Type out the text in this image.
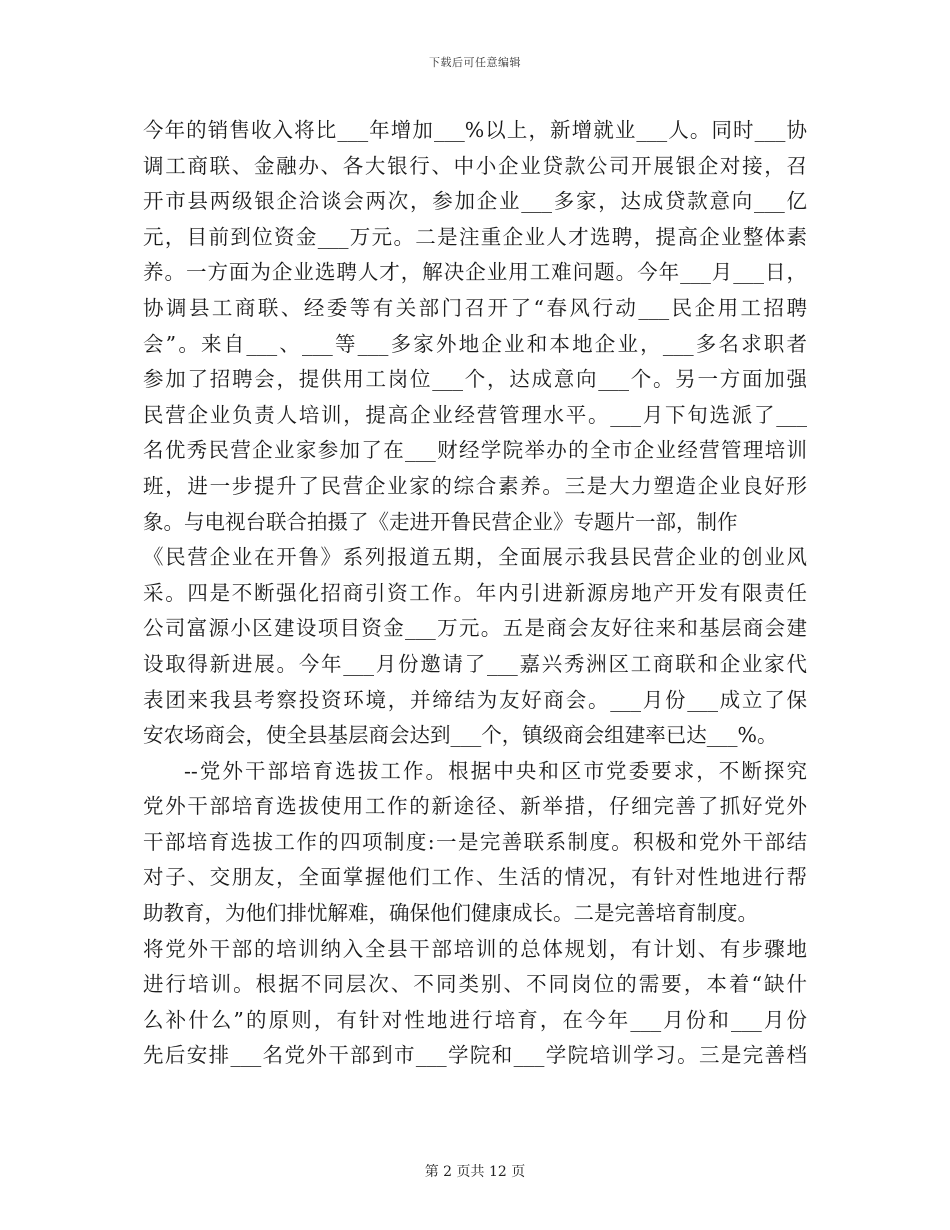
下载后可任意编辑
今年的销售收入将比___年增加___%以上，新增就业___人。同时___协
调工商联、金融办、各大银行、中小企业贷款公司开展银企对接，召
开市县两级银企洽谈会两次，参加企业___多家，达成贷款意向___亿
元，目前到位资金___万元。二是注重企业人才选聘，提高企业整体素
养。一方面为企业选聘人才，解决企业用工难问题。今年___月___日，
协调县工商联、经委等有关部门召开了“春风行动___民企用工招聘
会”。来自___、___等___多家外地企业和本地企业，___多名求职者
参加了招聘会，提供用工岗位___个，达成意向___个。另一方面加强
民营企业负责人培训，提高企业经营管理水平。___月下旬选派了___
名优秀民营企业家参加了在___财经学院举办的全市企业经营管理培训
班，进一步提升了民营企业家的综合素养。三是大力塑造企业良好形
象。与电视台联合拍摄了《走进开鲁民营企业》专题片一部，制作
《民营企业在开鲁》系列报道五期，全面展示我县民营企业的创业风
采。四是不断强化招商引资工作。年内引进新源房地产开发有限责任
公司富源小区建设项目资金___万元。五是商会友好往来和基层商会建
设取得新进展。今年___月份邀请了___嘉兴秀洲区工商联和企业家代
表团来我县考察投资环境，并缔结为友好商会。___月份___成立了保
安农场商会，使全县基层商会达到___个，镇级商会组建率已达___%。
--党外干部培育选拔工作。根据中央和区市党委要求，不断探究
党外干部培育选拔使用工作的新途径、新举措，仔细完善了抓好党外
干部培育选拔工作的四项制度:一是完善联系制度。积极和党外干部结
对子、交朋友，全面掌握他们工作、生活的情况，有针对性地进行帮
助教育，为他们排忧解难，确保他们健康成长。二是完善培育制度。
将党外干部的培训纳入全县干部培训的总体规划，有计划、有步骤地
进行培训。根据不同层次、不同类别、不同岗位的需要，本着“缺什
么补什么”的原则，有针对性地进行培育，在今年___月份和___月份
先后安排___名党外干部到市___学院和___学院培训学习。三是完善档
第 2 页共 12 页
